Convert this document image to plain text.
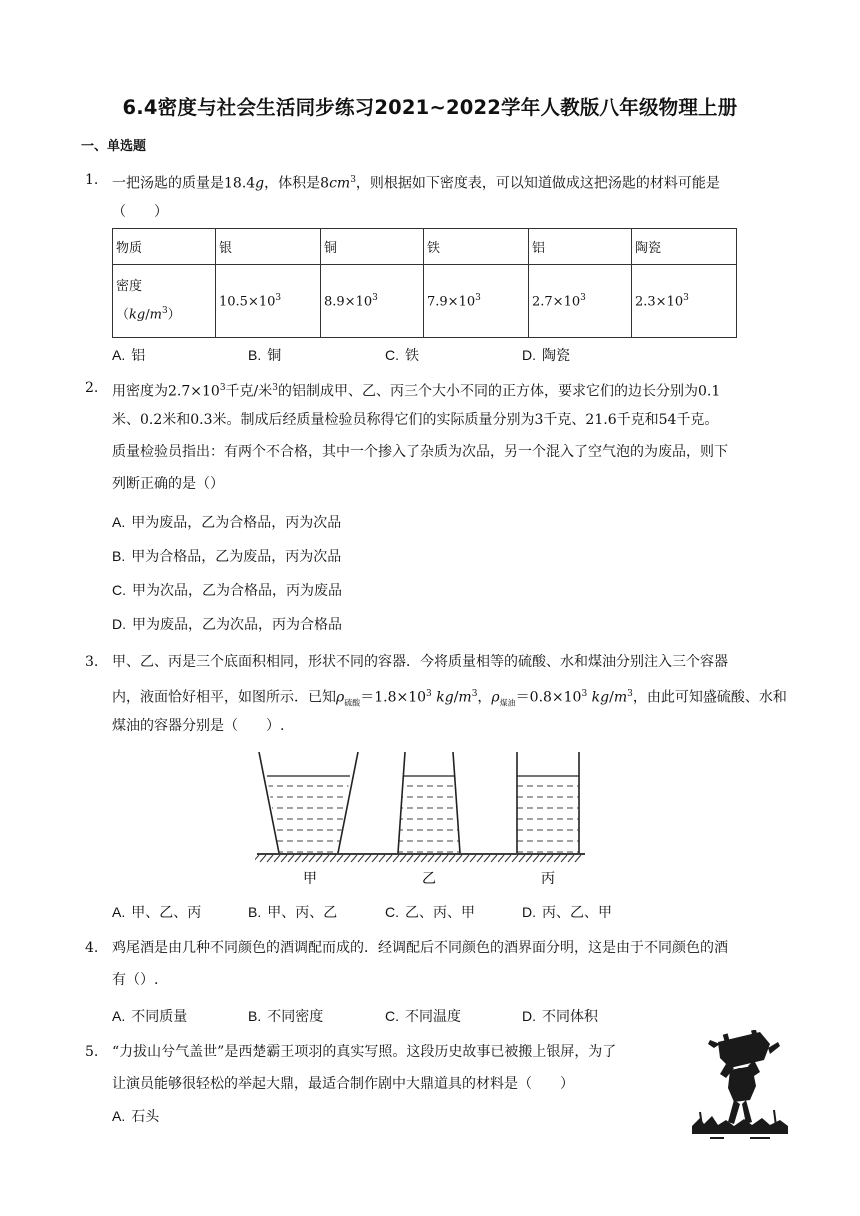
6.4密度与社会生活同步练习2021~2022学年人教版八年级物理上册
一、单选题
1. 一把汤匙的质量是18.4g，体积是$8cm^3$，则根据如下密度表，可以知道做成这把汤匙的材料可能是
（　　）
物质	银	铜	铁	铝	陶瓷

密度
$(kg/m^3)$	$10.5\times 10^3$	$8.9\times 10^3$	$7.9\times 10^3$	$2.7\times 10^3$	$2.3\times 10^3$
A. 铝	B. 铜	C. 铁	D. 陶瓷
2. 用密度为$2.7\times 10^3$千克/米$^3$的铝制成甲、乙、丙三个大小不同的正方体，要求它们的边长分别为0.1
米、0.2米和0.3米。制成后经质量检验员称得它们的实际质量分别为3千克、21.6千克和54千克。
质量检验员指出：有两个不合格，其中一个掺入了杂质为次品，另一个混入了空气泡的为废品，则下
列断正确的是（）
A. 甲为废品，乙为合格品，丙为次品
B. 甲为合格品，乙为废品，丙为次品
C. 甲为次品，乙为合格品，丙为废品
D. 甲为废品，乙为次品，丙为合格品
3. 甲、乙、丙是三个底面积相同，形状不同的容器．今将质量相等的硫酸、水和煤油分别注入三个容器
内，液面恰好相平，如图所示．已知$\rho_{硫酸}=1.8\times 10^3$ $kg/m^3$，$\rho_{煤油}=0.8\times 10^3$ $kg/m^3$，由此可知盛硫酸、水和
煤油的容器分别是（　　）.
甲	乙	丙
A. 甲、乙、丙	B. 甲、丙、乙	C. 乙、丙、甲	D. 丙、乙、甲
4. 鸡尾酒是由几种不同颜色的酒调配而成的．经调配后不同颜色的酒界面分明，这是由于不同颜色的酒
有（）.
A. 不同质量	B. 不同密度	C. 不同温度	D. 不同体积
5. “力拔山兮气盖世”是西楚霸王项羽的真实写照。这段历史故事已被搬上银屏，为了
让演员能够很轻松的举起大鼎，最适合制作剧中大鼎道具的材料是（　　）
A. 石头
